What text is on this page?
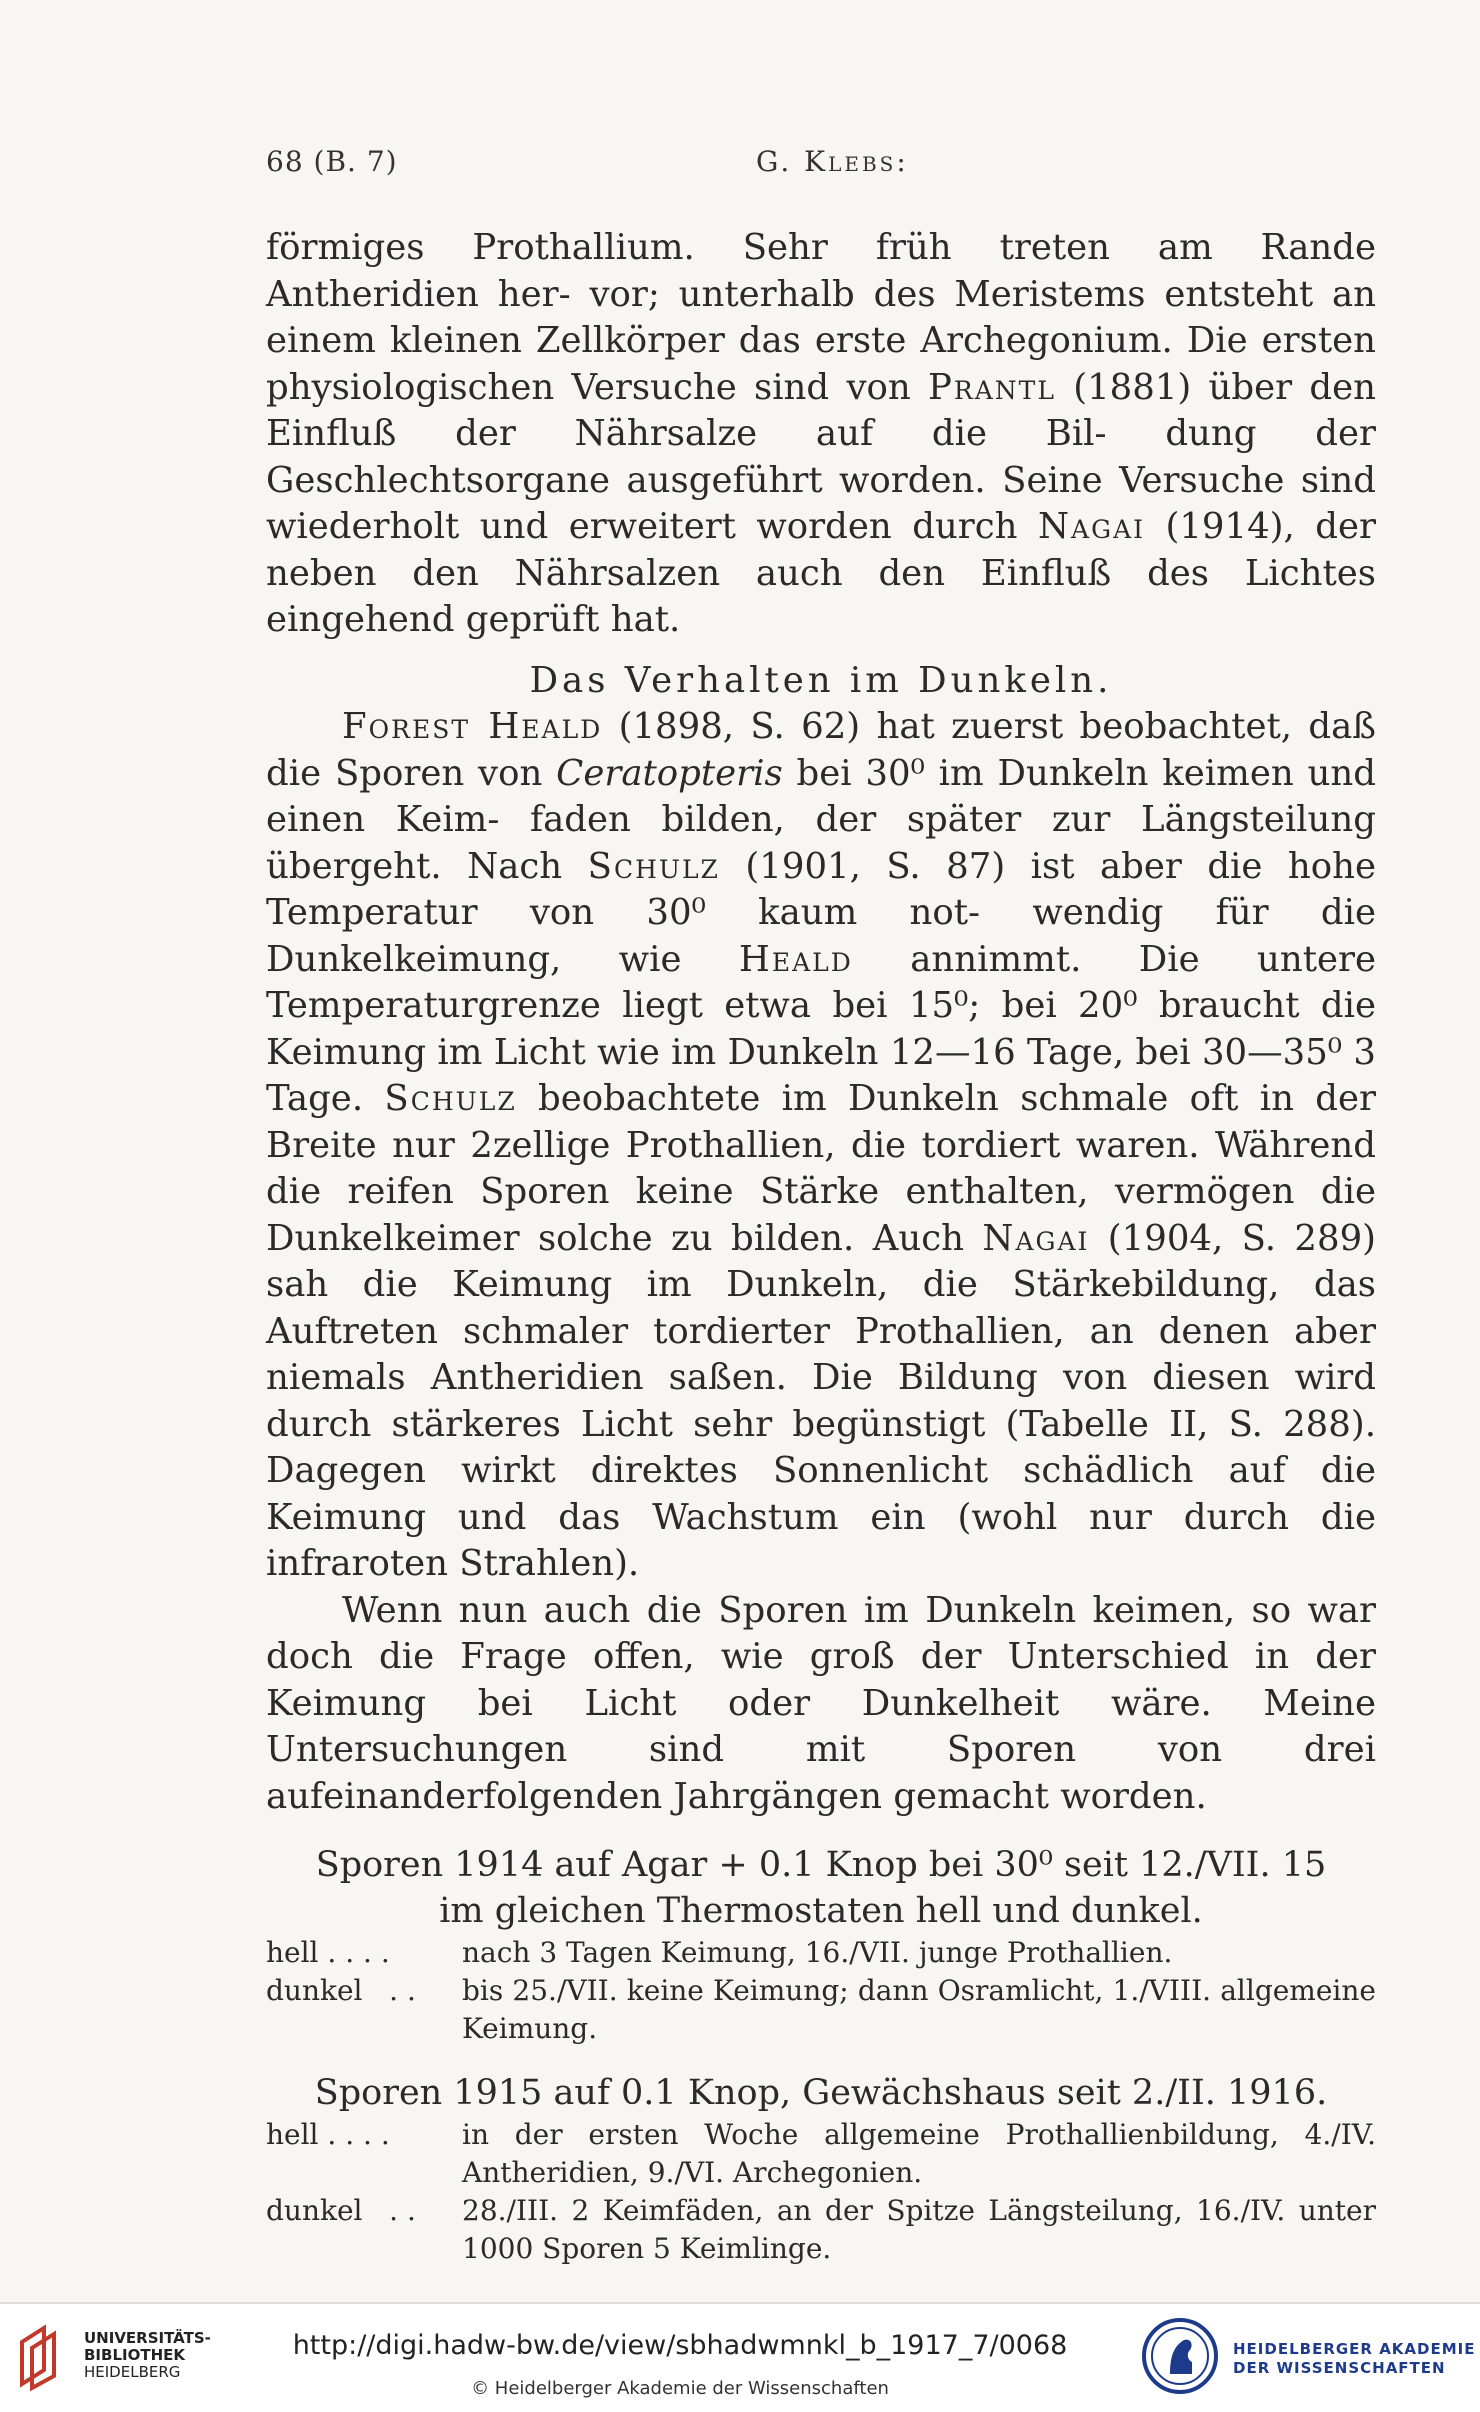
68 (B. 7)	G. Klebs:

förmiges Prothallium. Sehr früh treten am Rande Antheridien her- vor; unterhalb des Meristems entsteht an einem kleinen Zellkörper das erste Archegonium. Die ersten physiologischen Versuche sind von Prantl (1881) über den Einfluß der Nährsalze auf die Bil- dung der Geschlechtsorgane ausgeführt worden. Seine Versuche sind wiederholt und erweitert worden durch Nagai (1914), der neben den Nährsalzen auch den Einfluß des Lichtes eingehend geprüft hat.

Das Verhalten im Dunkeln.

Forest Heald (1898, S. 62) hat zuerst beobachtet, daß die Sporen von Ceratopteris bei 30⁰ im Dunkeln keimen und einen Keim- faden bilden, der später zur Längsteilung übergeht. Nach Schulz (1901, S. 87) ist aber die hohe Temperatur von 30⁰ kaum not- wendig für die Dunkelkeimung, wie Heald annimmt. Die untere Temperaturgrenze liegt etwa bei 15⁰; bei 20⁰ braucht die Keimung im Licht wie im Dunkeln 12—16 Tage, bei 30—35⁰ 3 Tage. Schulz beobachtete im Dunkeln schmale oft in der Breite nur 2zellige Prothallien, die tordiert waren. Während die reifen Sporen keine Stärke enthalten, vermögen die Dunkelkeimer solche zu bilden. Auch Nagai (1904, S. 289) sah die Keimung im Dunkeln, die Stärkebildung, das Auftreten schmaler tordierter Prothallien, an denen aber niemals Antheridien saßen. Die Bildung von diesen wird durch stärkeres Licht sehr begünstigt (Tabelle II, S. 288). Dagegen wirkt direktes Sonnenlicht schädlich auf die Keimung und das Wachstum ein (wohl nur durch die infraroten Strahlen).

Wenn nun auch die Sporen im Dunkeln keimen, so war doch die Frage offen, wie groß der Unterschied in der Keimung bei Licht oder Dunkelheit wäre. Meine Untersuchungen sind mit Sporen von drei aufeinanderfolgenden Jahrgängen gemacht worden.

Sporen 1914 auf Agar + 0.1 Knop bei 30⁰ seit 12./VII. 15

im gleichen Thermostaten hell und dunkel.

hell . . . .	nach 3 Tagen Keimung, 16./VII. junge Prothallien.

dunkel   . .	bis 25./VII. keine Keimung; dann Osramlicht, 1./VIII. allgemeine Keimung.

Sporen 1915 auf 0.1 Knop, Gewächshaus seit 2./II. 1916.

hell . . . .	in der ersten Woche allgemeine Prothallienbildung, 4./IV. Antheridien, 9./VI. Archegonien.

dunkel   . .	28./III. 2 Keimfäden, an der Spitze Längsteilung, 16./IV. unter 1000 Sporen 5 Keimlinge.

UNIVERSITÄTS-
BIBLIOTHEK
HEIDELBERG
http://digi.hadw-bw.de/view/sbhadwmnkl_b_1917_7/0068
© Heidelberger Akademie der Wissenschaften
HEIDELBERGER AKADEMIE
DER WISSENSCHAFTEN
